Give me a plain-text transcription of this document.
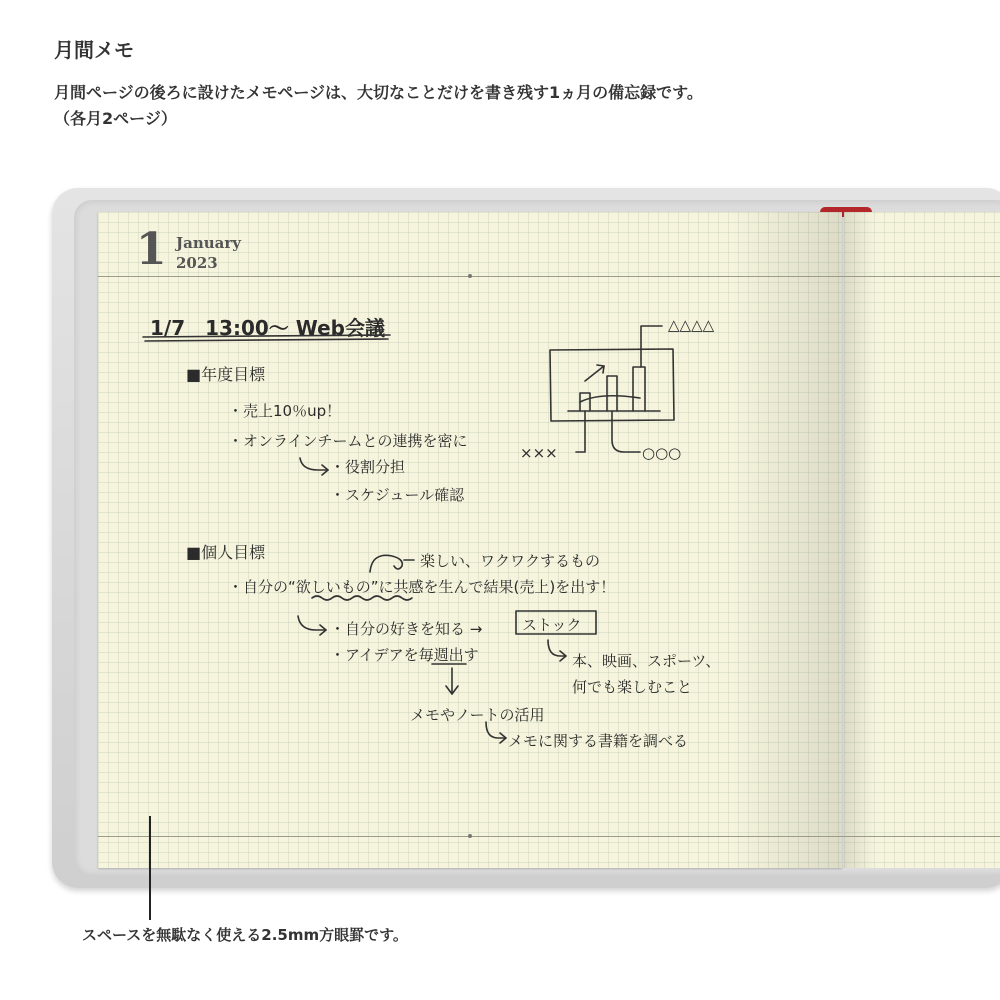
月間メモ
月間ページの後ろに設けたメモページは、大切なことだけを書き残す1ヵ月の備忘録です。
（各月2ページ）
1 January
2023
1/7　13:00～ Web会議
■年度目標
・売上10％up！
・オンラインチームとの連携を密に
・役割分担
・スケジュール確認
△△△△
×××	○○○
■個人目標	楽しい、ワクワクするもの
・自分の“欲しいもの”に共感を生んで結果(売上)を出す！
・自分の好きを知る →	ストック
・アイデアを毎週出す	本、映画、スポーツ、
何でも楽しむこと
メモやノートの活用
メモに関する書籍を調べる
スペースを無駄なく使える2.5mm方眼罫です。
